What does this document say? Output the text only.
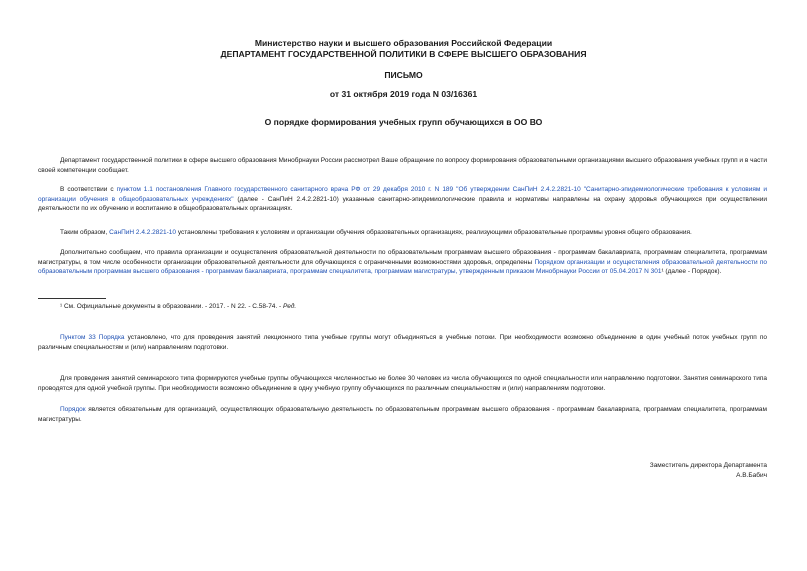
Министерство науки и высшего образования Российской Федерации
ДЕПАРТАМЕНТ ГОСУДАРСТВЕННОЙ ПОЛИТИКИ В СФЕРЕ ВЫСШЕГО ОБРАЗОВАНИЯ
ПИСЬМО
от 31 октября 2019 года N 03/16361
О порядке формирования учебных групп обучающихся в ОО ВО
Департамент государственной политики в сфере высшего образования Минобрнауки России рассмотрел Ваше обращение по вопросу формирования образовательными организациями высшего образования учебных групп и в части своей компетенции сообщает.
В соответствии с пунктом 1.1 постановления Главного государственного санитарного врача РФ от 29 декабря 2010 г. N 189 "Об утверждении СанПиН 2.4.2.2821-10 "Санитарно-эпидемиологические требования к условиям и организации обучения в общеобразовательных учреждениях" (далее - СанПиН 2.4.2.2821-10) указанные санитарно-эпидемиологические правила и нормативы направлены на охрану здоровья обучающихся при осуществлении деятельности по их обучению и воспитанию в общеобразовательных организациях.
Таким образом, СанПиН 2.4.2.2821-10 установлены требования к условиям и организации обучения образовательных организациях, реализующими образовательные программы уровня общего образования.
Дополнительно сообщаем, что правила организации и осуществления образовательной деятельности по образовательным программам высшего образования - программам бакалавриата, программам специалитета, программам магистратуры, в том числе особенности организации образовательной деятельности для обучающихся с ограниченными возможностями здоровья, определены Порядком организации и осуществления образовательной деятельности по образовательным программам высшего образования - программам бакалавриата, программам специалитета, программам магистратуры, утвержденным приказом Минобрнауки России от 05.04.2017 N 301¹ (далее - Порядок).
¹ См. Официальные документы в образовании. - 2017. - N 22. - С.58-74. - Ред.
Пунктом 33 Порядка установлено, что для проведения занятий лекционного типа учебные группы могут объединяться в учебные потоки. При необходимости возможно объединение в один учебный поток учебных групп по различным специальностям и (или) направлениям подготовки.
Для проведения занятий семинарского типа формируются учебные группы обучающихся численностью не более 30 человек из числа обучающихся по одной специальности или направлению подготовки. Занятия семинарского типа проводятся для одной учебной группы. При необходимости возможно объединение в одну учебную группу обучающихся по различным специальностям и (или) направлениям подготовки.
Порядок является обязательным для организаций, осуществляющих образовательную деятельность по образовательным программам высшего образования - программам бакалавриата, программам специалитета, программам магистратуры.
Заместитель директора Департамента
А.В.Бабич
